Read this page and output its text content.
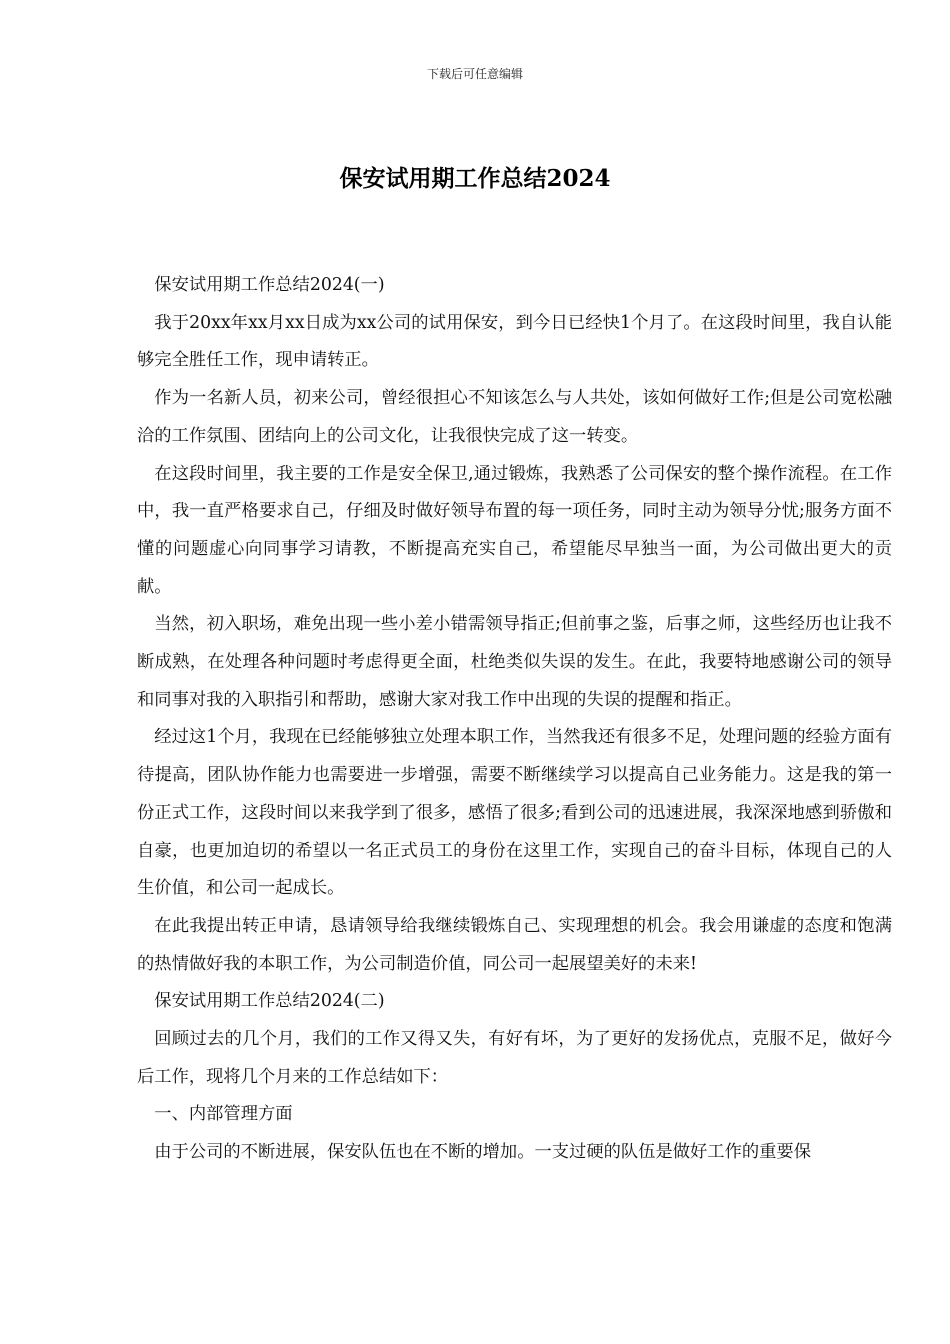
下载后可任意编辑
保安试用期工作总结2024

保安试用期工作总结2024(一)

我于20xx年xx月xx日成为xx公司的试用保安，到今日已经快1个月了。在这段时间里，我自认能够完全胜任工作，现申请转正。

作为一名新人员，初来公司，曾经很担心不知该怎么与人共处，该如何做好工作;但是公司宽松融洽的工作氛围、团结向上的公司文化，让我很快完成了这一转变。

在这段时间里，我主要的工作是安全保卫,通过锻炼，我熟悉了公司保安的整个操作流程。在工作中，我一直严格要求自己，仔细及时做好领导布置的每一项任务，同时主动为领导分忧;服务方面不懂的问题虚心向同事学习请教，不断提高充实自己，希望能尽早独当一面，为公司做出更大的贡献。

当然，初入职场，难免出现一些小差小错需领导指正;但前事之鉴，后事之师，这些经历也让我不断成熟，在处理各种问题时考虑得更全面，杜绝类似失误的发生。在此，我要特地感谢公司的领导和同事对我的入职指引和帮助，感谢大家对我工作中出现的失误的提醒和指正。

经过这1个月，我现在已经能够独立处理本职工作，当然我还有很多不足，处理问题的经验方面有待提高，团队协作能力也需要进一步增强，需要不断继续学习以提高自己业务能力。这是我的第一份正式工作，这段时间以来我学到了很多，感悟了很多;看到公司的迅速进展，我深深地感到骄傲和自豪，也更加迫切的希望以一名正式员工的身份在这里工作，实现自己的奋斗目标，体现自己的人生价值，和公司一起成长。

在此我提出转正申请，恳请领导给我继续锻炼自己、实现理想的机会。我会用谦虚的态度和饱满的热情做好我的本职工作，为公司制造价值，同公司一起展望美好的未来!

保安试用期工作总结2024(二)

回顾过去的几个月，我们的工作又得又失，有好有坏，为了更好的发扬优点，克服不足，做好今后工作，现将几个月来的工作总结如下：

一、内部管理方面

由于公司的不断进展，保安队伍也在不断的增加。一支过硬的队伍是做好工作的重要保
